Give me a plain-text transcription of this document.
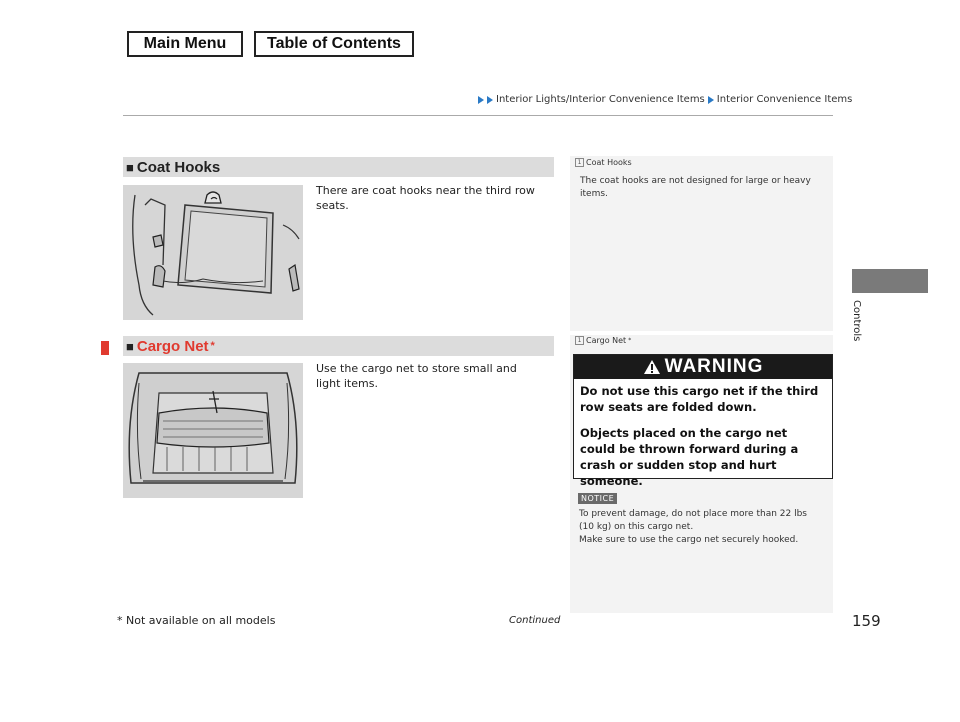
Main Menu	Table of Contents
Interior Lights/Interior Convenience Items Interior Convenience Items
Controls
■ Coat Hooks
There are coat hooks near the third row seats.
1 Coat Hooks
The coat hooks are not designed for large or heavy items.
■ Cargo Net *
Use the cargo net to store small and light items.
1 Cargo Net *
WARNING

Do not use this cargo net if the third row seats are folded down.

Objects placed on the cargo net could be thrown forward during a crash or sudden stop and hurt someone.

NOTICE
To prevent damage, do not place more than 22 lbs (10 kg) on this cargo net.
Make sure to use the cargo net securely hooked.
* Not available on all models	Continued	159
